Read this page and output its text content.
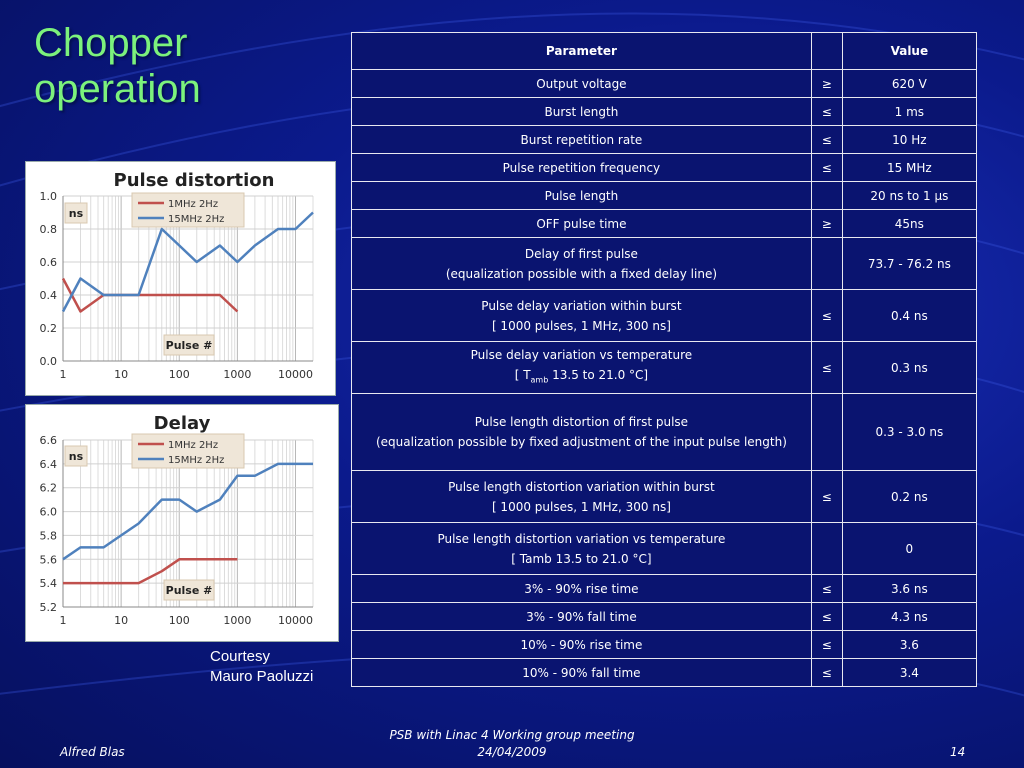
Chopper
operation
0.0
0.2
0.4
0.6
0.8
1.0
1	10	100	1000 10000
Pulse distortion
1MHz 2Hz
15MHz 2Hz
ns
Pulse #
5.2
5.4
5.6
5.8
6.0
6.2
6.4
6.6
1	10	100	1000 10000
Delay
1MHz 2Hz
15MHz 2Hz
ns
Pulse #
Courtesy
Mauro Paoluzzi
Parameter		Value
Output voltage	≥	620 V
Burst length	≤	1 ms
Burst repetition rate	≤	10 Hz
Pulse repetition frequency	≤	15 MHz
Pulse length		20 ns to 1 µs
OFF pulse time	≥	45ns

Delay of first pulse
(equalization possible with a fixed delay line)		73.7 - 76.2 ns

Pulse delay variation within burst
[ 1000 pulses, 1 MHz, 300 ns]	≤	0.4 ns

Pulse delay variation vs temperature
[ $T_{amb}$ 13.5 to 21.0 °C]	≤	0.3 ns

Pulse length distortion of first pulse
(equalization possible by fixed adjustment of the input pulse length)		0.3 - 3.0 ns

Pulse length distortion variation within burst
[ 1000 pulses, 1 MHz, 300 ns]	≤	0.2 ns

Pulse length distortion variation vs temperature
[ Tamb 13.5 to 21.0 °C]		0
3% - 90% rise time	≤	3.6 ns
3% - 90% fall time	≤	4.3 ns
10% - 90% rise time	≤	3.6
10% - 90% fall time	≤	3.4
Alfred Blas
PSB with Linac 4 Working group meeting
24/04/2009	14
